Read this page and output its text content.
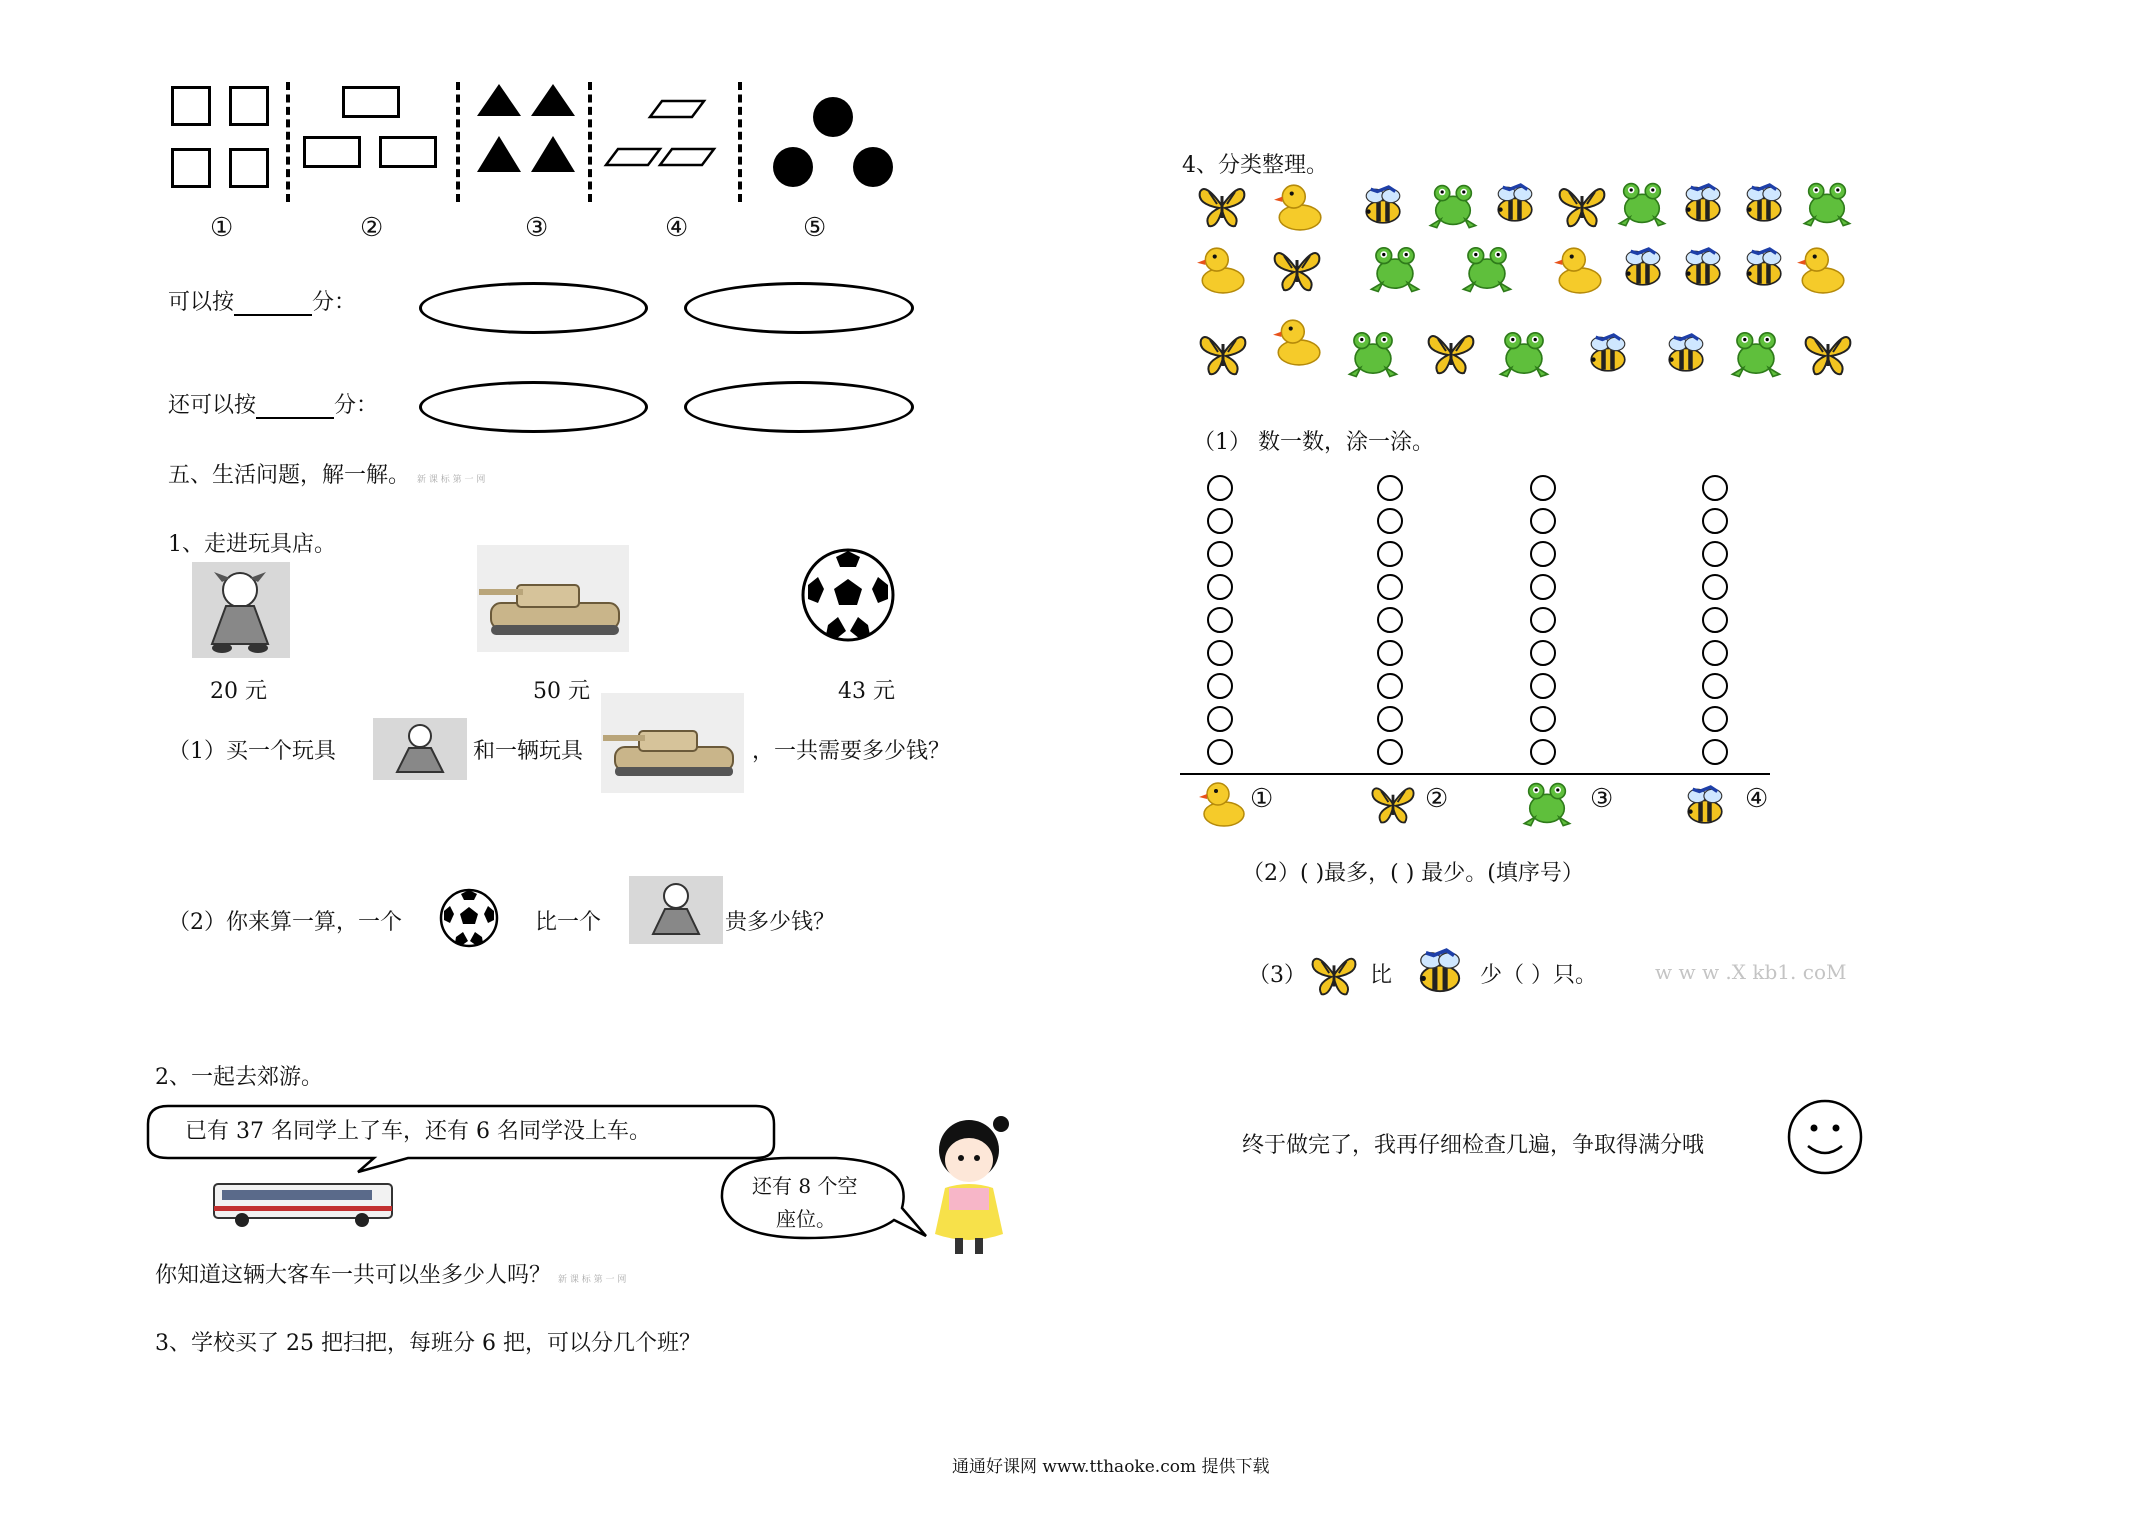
①	②	③	④	⑤
可以按	分：
还可以按	分：
五、生活问题，解一解。 新 课 标 第 一 网
1、走进玩具店。
20 元	50 元	43 元
（1）买一个玩具	和一辆玩具	，一共需要多少钱？
（2）你来算一算，一个	比一个	贵多少钱？
2、一起去郊游。
已有 37 名同学上了车，还有 6 名同学没上车。
还有 8 个空
座位。
你知道这辆大客车一共可以坐多少人吗？ 新 课 标 第 一 网
3、学校买了 25 把扫把，每班分 6 把，可以分几个班？
4、分类整理。
（1） 数一数，涂一涂。
①	②	③	④
（2）( )最多，( ) 最少。(填序号）
（3）	比	少（ ）只。	w w w .X kb1. coM
终于做完了，我再仔细检查几遍，争取得满分哦
通通好课网 www.tthaoke.com 提供下载
